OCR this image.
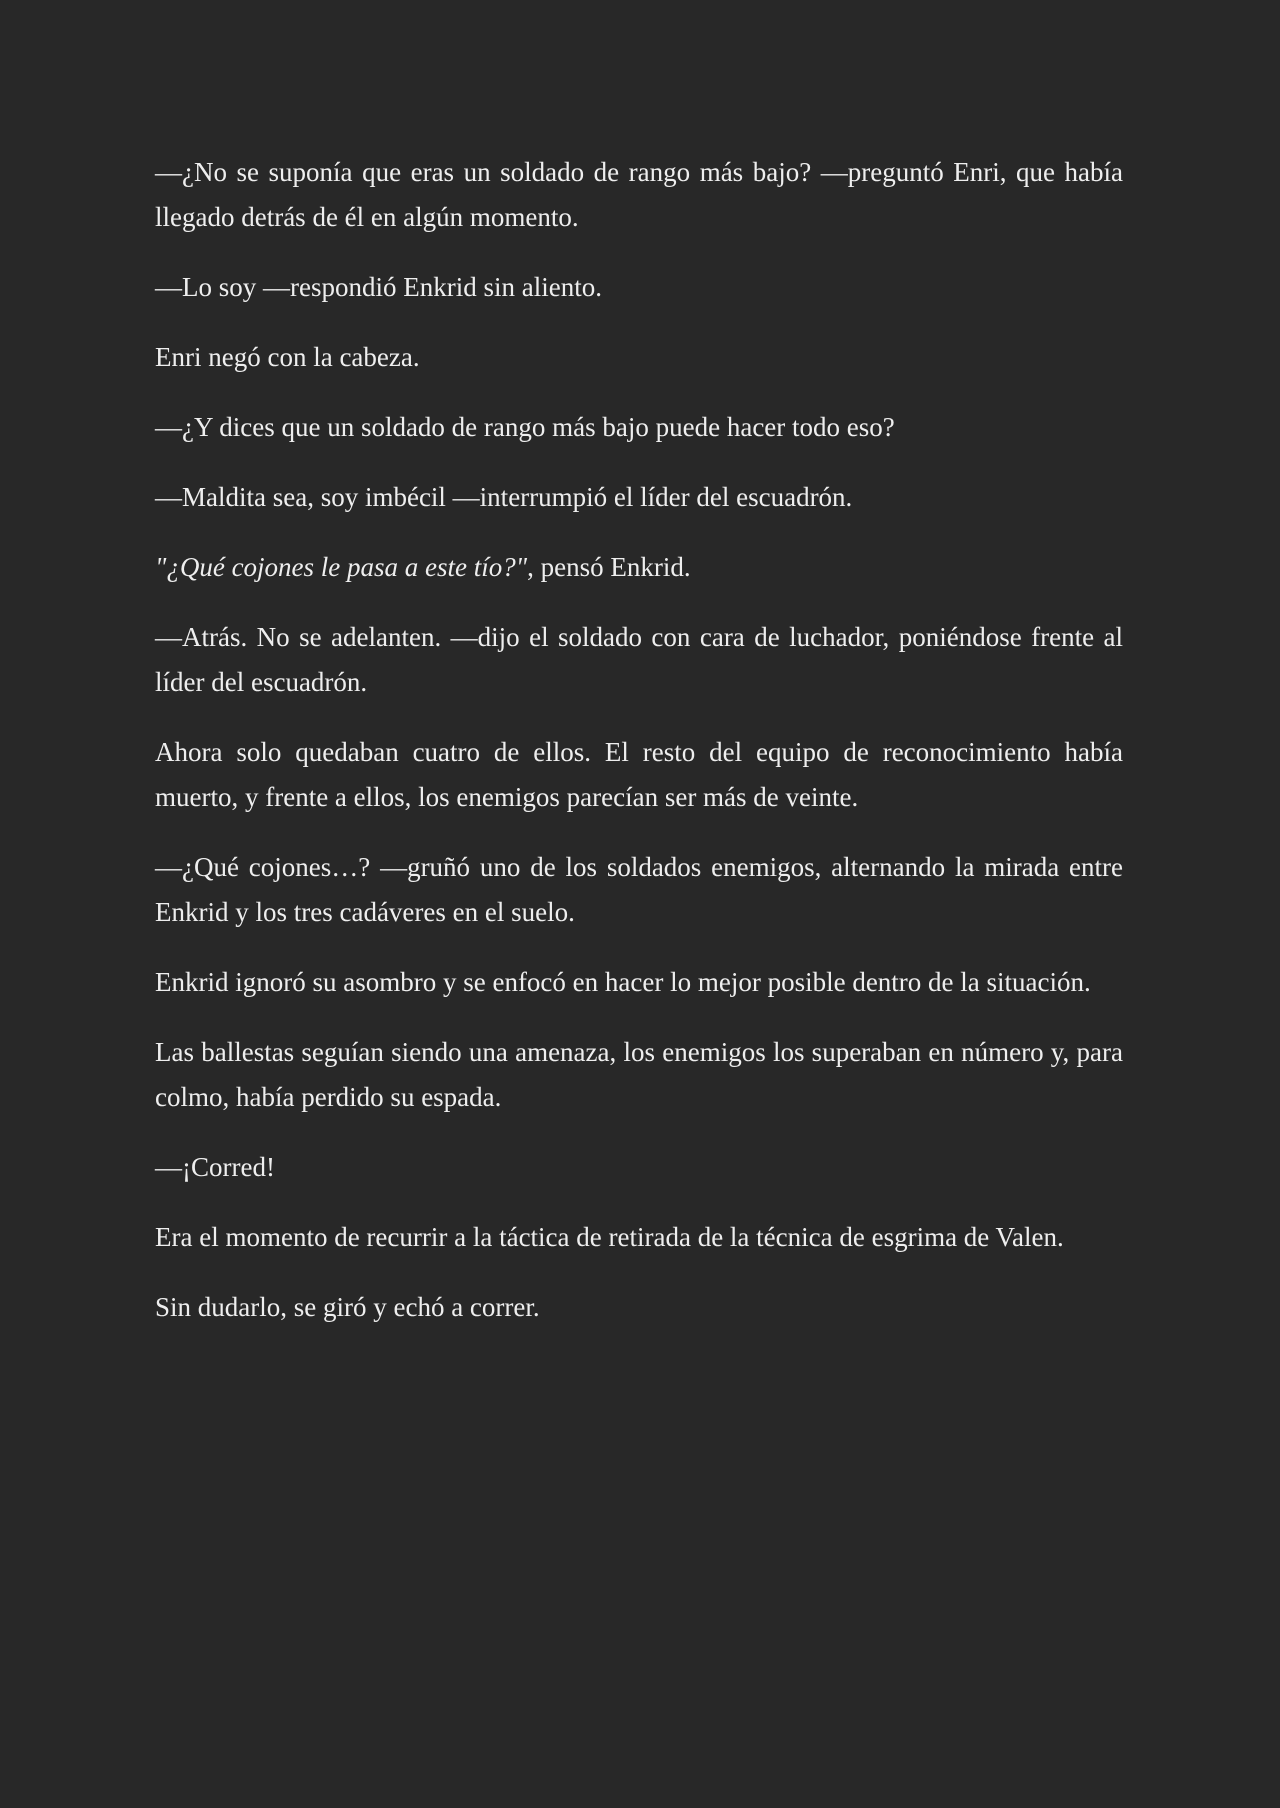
—¿No se suponía que eras un soldado de rango más bajo? —preguntó Enri, que había llegado detrás de él en algún momento.

—Lo soy —respondió Enkrid sin aliento.

Enri negó con la cabeza.

—¿Y dices que un soldado de rango más bajo puede hacer todo eso?

—Maldita sea, soy imbécil —interrumpió el líder del escuadrón.

"¿Qué cojones le pasa a este tío?", pensó Enkrid.

—Atrás. No se adelanten. —dijo el soldado con cara de luchador, poniéndose frente al líder del escuadrón.

Ahora solo quedaban cuatro de ellos. El resto del equipo de reconocimiento había muerto, y frente a ellos, los enemigos parecían ser más de veinte.

—¿Qué cojones…? —gruñó uno de los soldados enemigos, alternando la mirada entre Enkrid y los tres cadáveres en el suelo.

Enkrid ignoró su asombro y se enfocó en hacer lo mejor posible dentro de la situación.

Las ballestas seguían siendo una amenaza, los enemigos los superaban en número y, para colmo, había perdido su espada.

—¡Corred!

Era el momento de recurrir a la táctica de retirada de la técnica de esgrima de Valen.

Sin dudarlo, se giró y echó a correr.
